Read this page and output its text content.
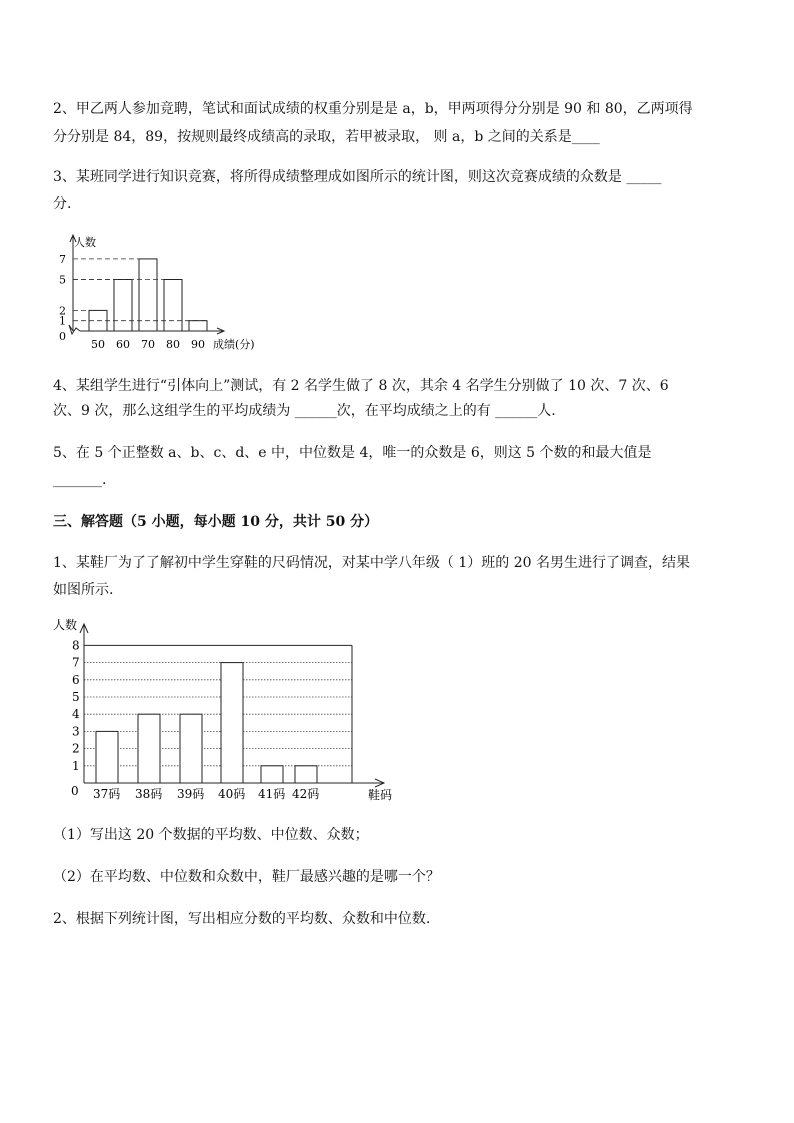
2、甲乙两人参加竞聘，笔试和面试成绩的权重分别是是 a，b，甲两项得分分别是 90 和 80，乙两项得
分分别是 84，89，按规则最终成绩高的录取，若甲被录取， 则 a，b 之间的关系是____
3、某班同学进行知识竞赛，将所得成绩整理成如图所示的统计图，则这次竞赛成绩的众数是 _____
分.
人数
成绩(分)
0
1
2
5
7
50 60 70 80 90
4、某组学生进行“引体向上”测试，有 2 名学生做了 8 次，其余 4 名学生分别做了 10 次、7 次、6
次、9 次，那么这组学生的平均成绩为 ______次，在平均成绩之上的有 ______人.
5、在 5 个正整数 a、b、c、d、e 中，中位数是 4，唯一的众数是 6，则这 5 个数的和最大值是
_______.
三、解答题（5 小题，每小题 10 分，共计 50 分）
1、某鞋厂为了了解初中学生穿鞋的尺码情况，对某中学八年级（ 1）班的 20 名男生进行了调查，结果
如图所示.
人数
鞋码
0
1
2
3
4
5
6
7
8
37码 38码 39码 40码 41码 42码
（1）写出这 20 个数据的平均数、中位数、众数；
（2）在平均数、中位数和众数中，鞋厂最感兴趣的是哪一个？
2、根据下列统计图，写出相应分数的平均数、众数和中位数.
